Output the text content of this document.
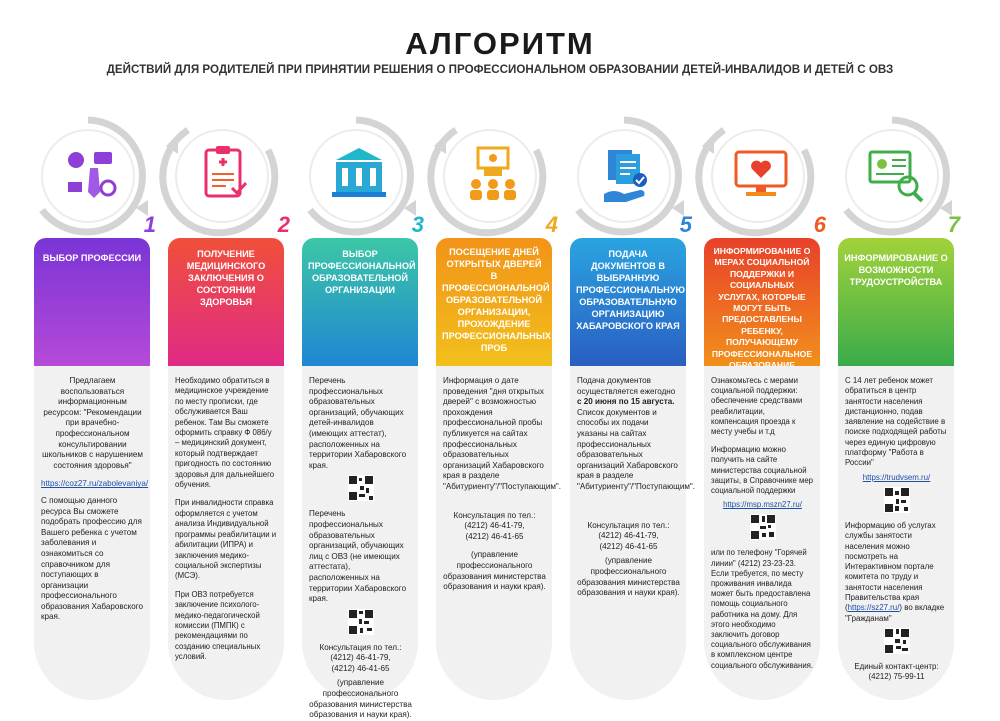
АЛГОРИТМ
ДЕЙСТВИЙ ДЛЯ РОДИТЕЛЕЙ ПРИ ПРИНЯТИИ РЕШЕНИЯ О ПРОФЕССИОНАЛЬНОМ ОБРАЗОВАНИИ ДЕТЕЙ-ИНВАЛИДОВ И ДЕТЕЙ С ОВЗ
1
ВЫБОР ПРОФЕССИИ

Предлагаем воспользоваться информационным ресурсом: "Рекомендации при врачебно-профессиональном консультировании школьников с нарушением состояния здоровья"

https://coz27.ru/zabolevaniya/

С помощью данного ресурса Вы сможете подобрать профессию для Вашего ребенка с учетом заболевания и ознакомиться со справочником для поступающих в организации профессионального образования Хабаровского края.

2
ПОЛУЧЕНИЕ МЕДИЦИНСКОГО ЗАКЛЮЧЕНИЯ О СОСТОЯНИИ ЗДОРОВЬЯ

Необходимо обратиться в медицинское учреждение по месту прописки, где обслуживается Ваш ребенок. Там Вы сможете оформить справку Ф 086/у – медицинский документ, который подтверждает пригодность по состоянию здоровья для дальнейшего обучения.

При инвалидности справка оформляется с учетом анализа Индивидуальной программы реабилитации и абилитации (ИПРА) и заключения медико-социальной экспертизы (МСЭ).

При ОВЗ потребуется заключение психолого-медико-педагогической комиссии (ПМПК) с рекомендациями по созданию специальных условий.

3
ВЫБОР ПРОФЕССИОНАЛЬНОЙ ОБРАЗОВАТЕЛЬНОЙ ОРГАНИЗАЦИИ

Перечень профессиональных образовательных организаций, обучающих детей-инвалидов (имеющих аттестат), расположенных на территории Хабаровского края.

Перечень профессиональных образовательных организаций, обучающих лиц с ОВЗ (не имеющих аттестата), расположенных на территории Хабаровского края.

Консультация по тел.:
(4212) 46-41-79,
(4212) 46-41-65
(управление профессионального образования министерства образования и науки края).
4
ПОСЕЩЕНИЕ ДНЕЙ ОТКРЫТЫХ ДВЕРЕЙ В ПРОФЕССИОНАЛЬНОЙ ОБРАЗОВАТЕЛЬНОЙ ОРГАНИЗАЦИИ, ПРОХОЖДЕНИЕ ПРОФЕССИОНАЛЬНЫХ ПРОБ

Информация о дате проведения "дня открытых дверей" с возможностью прохождения профессиональной пробы публикуется на сайтах профессиональных образовательных организаций Хабаровского края в разделе "Абитуриенту"/"Поступающим".

Консультация по тел.:
(4212) 46-41-79,
(4212) 46-41-65
(управление профессионального образования министерства образования и науки края).
5
ПОДАЧА ДОКУМЕНТОВ В ВЫБРАННУЮ ПРОФЕССИОНАЛЬНУЮ ОБРАЗОВАТЕЛЬНУЮ ОРГАНИЗАЦИЮ ХАБАРОВСКОГО КРАЯ

Подача документов осуществляется ежегодно с 20 июня по 15 августа. Список документов и способы их подачи указаны на сайтах профессиональных образовательных организаций Хабаровского края в разделе "Абитуриенту"/"Поступающим".

Консультация по тел.:
(4212) 46-41-79,
(4212) 46-41-65
(управление профессионального образования министерства образования и науки края).
6
ИНФОРМИРОВАНИЕ О МЕРАХ СОЦИАЛЬНОЙ ПОДДЕРЖКИ И СОЦИАЛЬНЫХ УСЛУГАХ, КОТОРЫЕ МОГУТ БЫТЬ ПРЕДОСТАВЛЕНЫ РЕБЕНКУ, ПОЛУЧАЮЩЕМУ ПРОФЕССИОНАЛЬНОЕ

Ознакомьтесь с мерами социальной поддержки: обеспечение средствами реабилитации, компенсация проезда к месту учебы и т.д

Информацию можно получить на сайте министерства социальной защиты, в Справочнике мер социальной поддержки

https://msp.mszn27.ru/

или по телефону "Горячей линии" (4212) 23-23-23. Если требуется, по месту проживания инвалида может быть предоставлена помощь социального работника на дому. Для этого необходимо заключить договор социального обслуживания в комплексном центре социального обслуживания.

7
ИНФОРМИРОВАНИЕ О ВОЗМОЖНОСТИ ТРУДОУСТРОЙСТВА

С 14 лет ребенок может обратиться в центр занятости населения дистанционно, подав заявление на содействие в поиске подходящей работы через единую цифровую платформу "Работа в России"

https://trudvsem.ru/

Информацию об услугах службы занятости населения можно посмотреть на Интерактивном портале комитета по труду и занятости населения Правительства края (https://sz27.ru/) во вкладке "Гражданам"

Единый контакт-центр:
(4212) 75-99-11
